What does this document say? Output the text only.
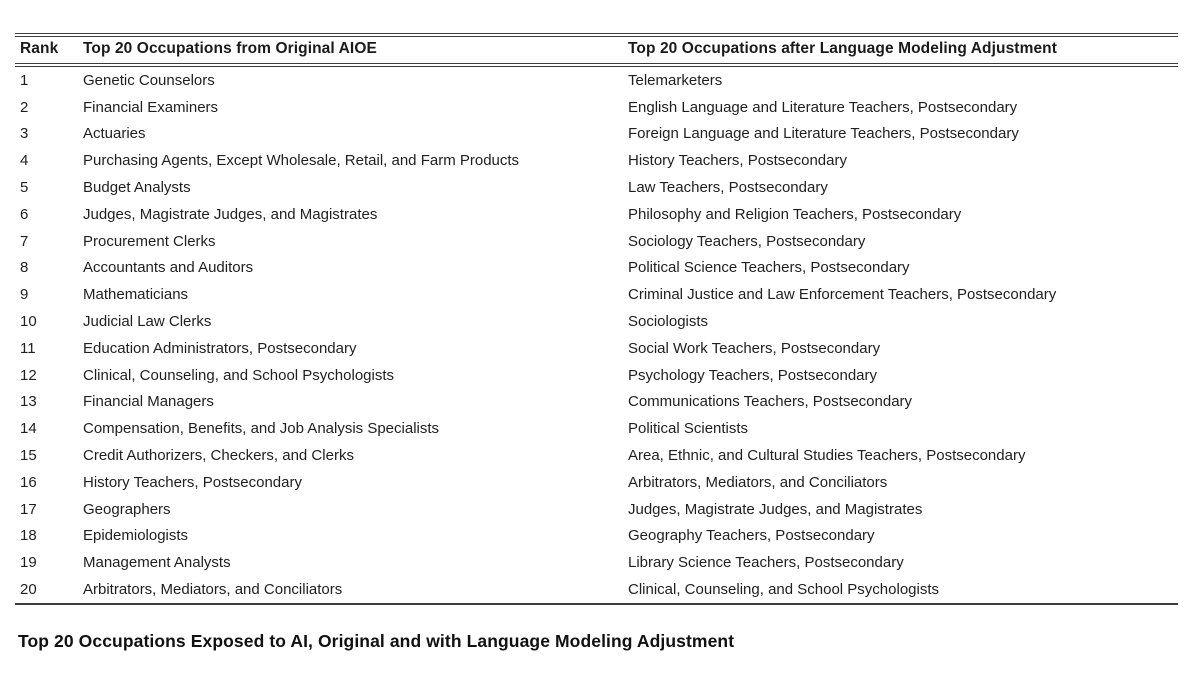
Rank	Top 20 Occupations from Original AIOE	Top 20 Occupations after Language Modeling Adjustment
1	Genetic Counselors	Telemarketers
2	Financial Examiners	English Language and Literature Teachers, Postsecondary
3	Actuaries	Foreign Language and Literature Teachers, Postsecondary
4	Purchasing Agents, Except Wholesale, Retail, and Farm Products	History Teachers, Postsecondary
5	Budget Analysts	Law Teachers, Postsecondary
6	Judges, Magistrate Judges, and Magistrates	Philosophy and Religion Teachers, Postsecondary
7	Procurement Clerks	Sociology Teachers, Postsecondary
8	Accountants and Auditors	Political Science Teachers, Postsecondary
9	Mathematicians	Criminal Justice and Law Enforcement Teachers, Postsecondary
10	Judicial Law Clerks	Sociologists
11	Education Administrators, Postsecondary	Social Work Teachers, Postsecondary
12	Clinical, Counseling, and School Psychologists	Psychology Teachers, Postsecondary
13	Financial Managers	Communications Teachers, Postsecondary
14	Compensation, Benefits, and Job Analysis Specialists	Political Scientists
15	Credit Authorizers, Checkers, and Clerks	Area, Ethnic, and Cultural Studies Teachers, Postsecondary
16	History Teachers, Postsecondary	Arbitrators, Mediators, and Conciliators
17	Geographers	Judges, Magistrate Judges, and Magistrates
18	Epidemiologists	Geography Teachers, Postsecondary
19	Management Analysts	Library Science Teachers, Postsecondary
20	Arbitrators, Mediators, and Conciliators	Clinical, Counseling, and School Psychologists
Top 20 Occupations Exposed to AI, Original and with Language Modeling Adjustment
